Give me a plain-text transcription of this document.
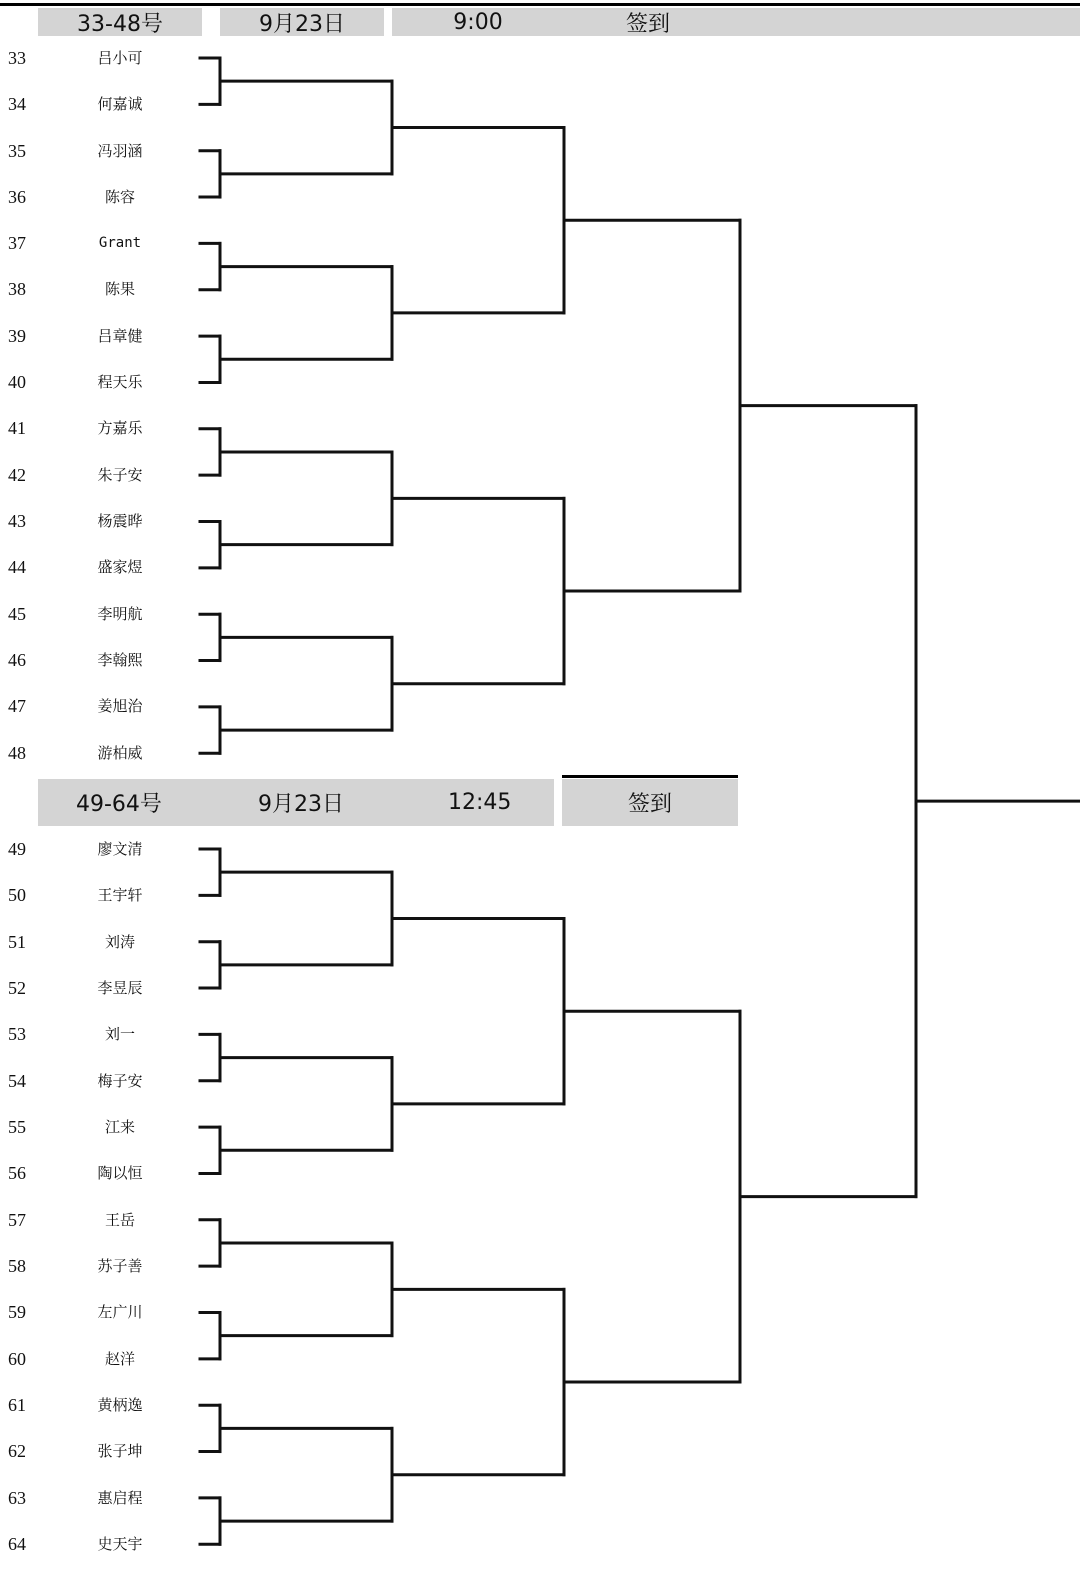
33-48号	9月23日	9:00	签到
49-64号	9月23日	12:45	签到
33	吕小可
34	何嘉诚
35	冯羽涵
36	陈容
37	Grant
38	陈果
39	吕章健
40	程天乐
41	方嘉乐
42	朱子安
43	杨震晔
44	盛家煜
45	李明航
46	李翰熙
47	姜旭治
48	游柏威
49	廖文清
50	王宇轩
51	刘涛
52	李昱辰
53	刘一
54	梅子安
55	江来
56	陶以恒
57	王岳
58	苏子善
59	左广川
60	赵洋
61	黄柄逸
62	张子坤
63	惠启程
64	史天宇
